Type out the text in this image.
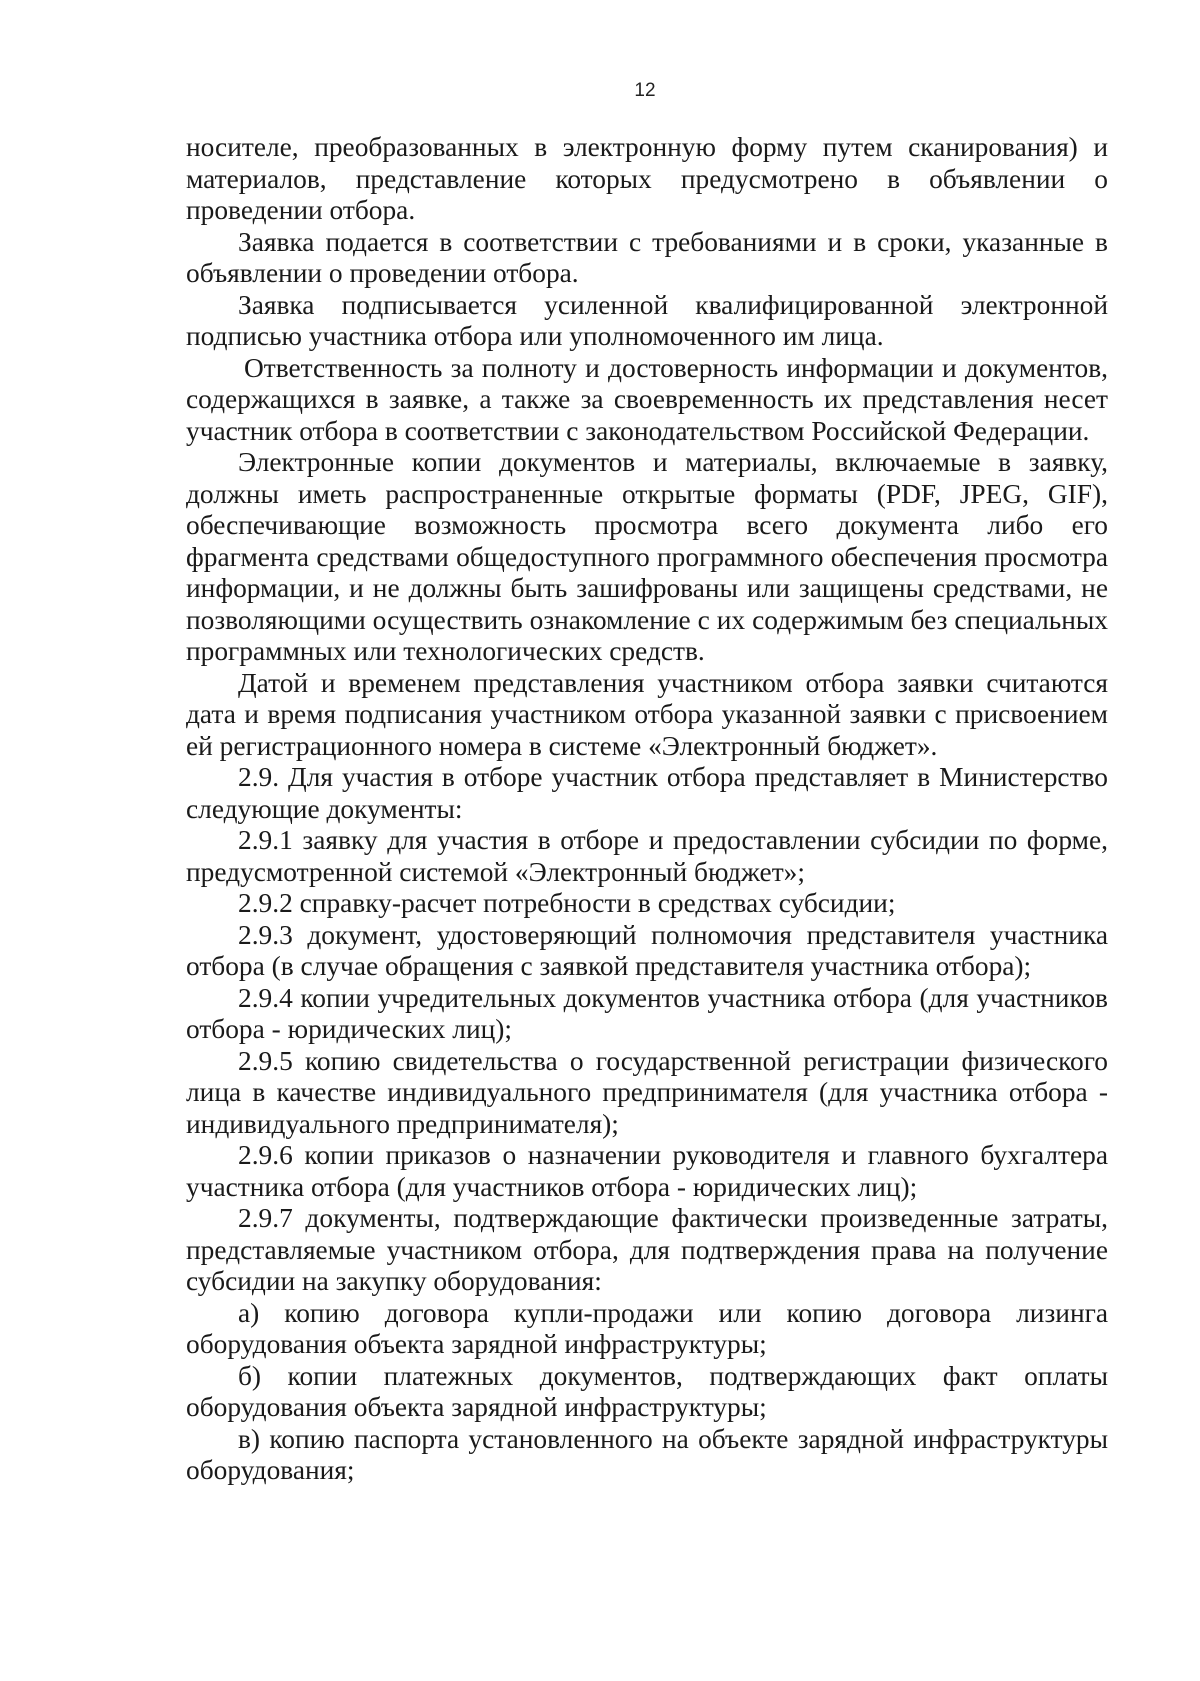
12

носителе, преобразованных в электронную форму путем сканирования) и материалов, представление которых предусмотрено в объявлении о проведении отбора.

Заявка подается в соответствии с требованиями и в сроки, указанные в объявлении о проведении отбора.

Заявка подписывается усиленной квалифицированной электронной подписью участника отбора или уполномоченного им лица.

Ответственность за полноту и достоверность информации и документов, содержащихся в заявке, а также за своевременность их представления несет участник отбора в соответствии с законодательством Российской Федерации.

Электронные копии документов и материалы, включаемые в заявку, должны иметь распространенные открытые форматы (PDF, JPEG, GIF), обеспечивающие возможность просмотра всего документа либо его фрагмента средствами общедоступного программного обеспечения просмотра информации, и не должны быть зашифрованы или защищены средствами, не позволяющими осуществить ознакомление с их содержимым без специальных программных или технологических средств.

Датой и временем представления участником отбора заявки считаются дата и время подписания участником отбора указанной заявки с присвоением ей регистрационного номера в системе «Электронный бюджет».

2.9. Для участия в отборе участник отбора представляет в Министерство следующие документы:

2.9.1 заявку для участия в отборе и предоставлении субсидии по форме, предусмотренной системой «Электронный бюджет»;

2.9.2 справку-расчет потребности в средствах субсидии;

2.9.3 документ, удостоверяющий полномочия представителя участника отбора (в случае обращения с заявкой представителя участника отбора);

2.9.4 копии учредительных документов участника отбора (для участников отбора - юридических лиц);

2.9.5 копию свидетельства о государственной регистрации физического лица в качестве индивидуального предпринимателя (для участника отбора - индивидуального предпринимателя);

2.9.6 копии приказов о назначении руководителя и главного бухгалтера участника отбора (для участников отбора - юридических лиц);

2.9.7 документы, подтверждающие фактически произведенные затраты, представляемые участником отбора, для подтверждения права на получение субсидии на закупку оборудования:

а) копию договора купли-продажи или копию договора лизинга оборудования объекта зарядной инфраструктуры;

б) копии платежных документов, подтверждающих факт оплаты оборудования объекта зарядной инфраструктуры;

в) копию паспорта установленного на объекте зарядной инфраструктуры оборудования;
